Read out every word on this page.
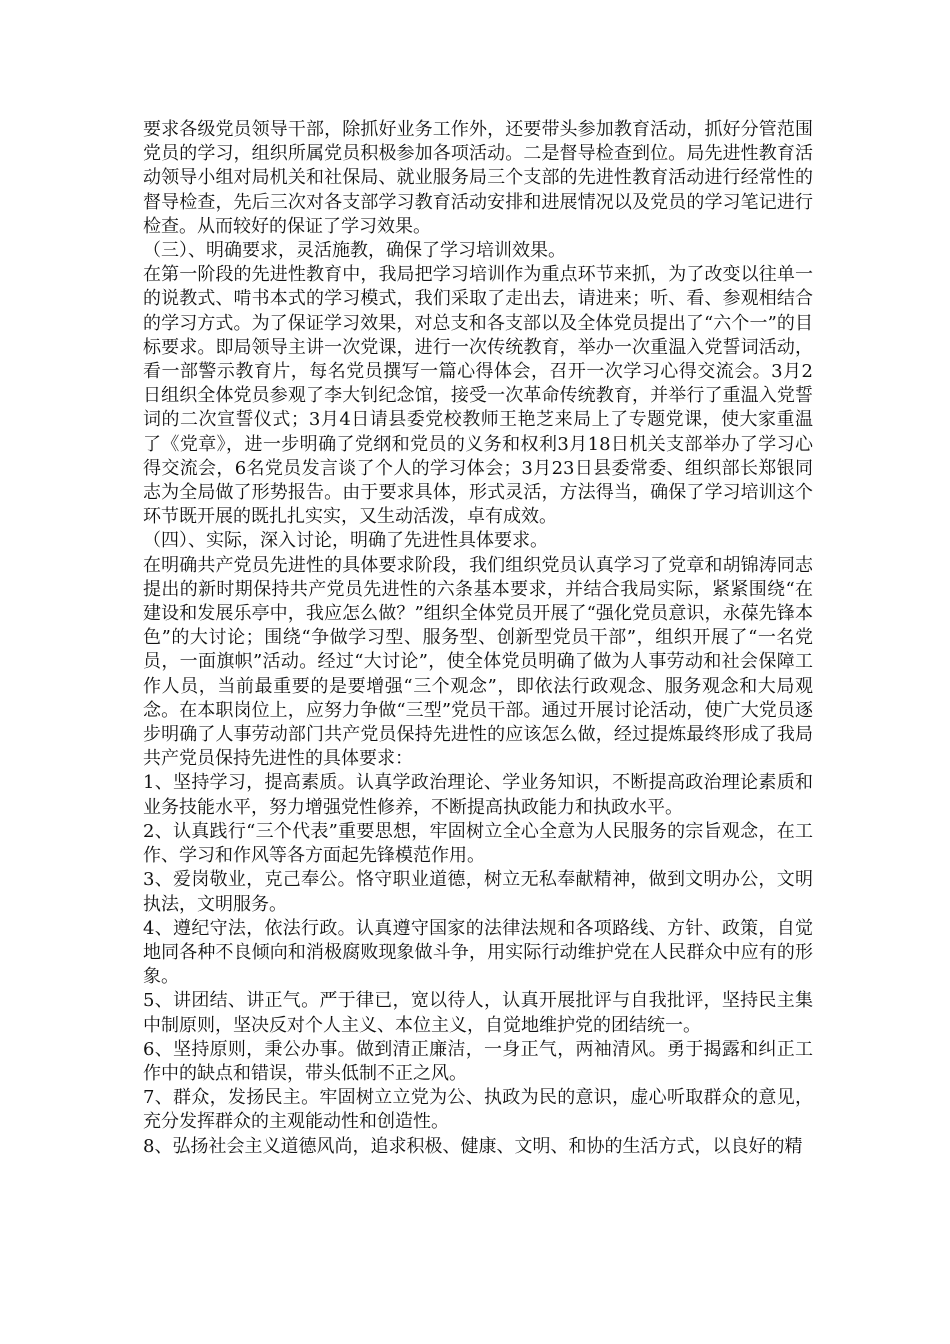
要求各级党员领导干部，除抓好业务工作外，还要带头参加教育活动，抓好分管范围党员的学习，组织所属党员积极参加各项活动。二是督导检查到位。局先进性教育活动领导小组对局机关和社保局、就业服务局三个支部的先进性教育活动进行经常性的督导检查，先后三次对各支部学习教育活动安排和进展情况以及党员的学习笔记进行检查。从而较好的保证了学习效果。

（三）、明确要求，灵活施教，确保了学习培训效果。

在第一阶段的先进性教育中，我局把学习培训作为重点环节来抓，为了改变以往单一的说教式、啃书本式的学习模式，我们采取了走出去，请进来；听、看、参观相结合的学习方式。为了保证学习效果，对总支和各支部以及全体党员提出了“六个一”的目标要求。即局领导主讲一次党课，进行一次传统教育，举办一次重温入党誓词活动，看一部警示教育片，每名党员撰写一篇心得体会，召开一次学习心得交流会。3月2日组织全体党员参观了李大钊纪念馆，接受一次革命传统教育，并举行了重温入党誓词的二次宣誓仪式；3月4日请县委党校教师王艳芝来局上了专题党课，使大家重温了《党章》，进一步明确了党纲和党员的义务和权利3月18日机关支部举办了学习心得交流会，6名党员发言谈了个人的学习体会；3月23日县委常委、组织部长郑银同志为全局做了形势报告。由于要求具体，形式灵活，方法得当，确保了学习培训这个环节既开展的既扎扎实实，又生动活泼，卓有成效。

（四）、实际，深入讨论，明确了先进性具体要求。

在明确共产党员先进性的具体要求阶段，我们组织党员认真学习了党章和胡锦涛同志提出的新时期保持共产党员先进性的六条基本要求，并结合我局实际，紧紧围绕“在建设和发展乐亭中，我应怎么做？”组织全体党员开展了“强化党员意识，永葆先锋本色”的大讨论；围绕“争做学习型、服务型、创新型党员干部”，组织开展了“一名党员，一面旗帜”活动。经过“大讨论”，使全体党员明确了做为人事劳动和社会保障工作人员，当前最重要的是要增强“三个观念”，即依法行政观念、服务观念和大局观念。在本职岗位上，应努力争做“三型”党员干部。通过开展讨论活动，使广大党员逐步明确了人事劳动部门共产党员保持先进性的应该怎么做，经过提炼最终形成了我局共产党员保持先进性的具体要求：

1、坚持学习，提高素质。认真学政治理论、学业务知识，不断提高政治理论素质和业务技能水平，努力增强党性修养，不断提高执政能力和执政水平。

2、认真践行“三个代表”重要思想，牢固树立全心全意为人民服务的宗旨观念，在工作、学习和作风等各方面起先锋模范作用。

3、爱岗敬业，克己奉公。恪守职业道德，树立无私奉献精神，做到文明办公，文明执法，文明服务。

4、遵纪守法，依法行政。认真遵守国家的法律法规和各项路线、方针、政策，自觉地同各种不良倾向和消极腐败现象做斗争，用实际行动维护党在人民群众中应有的形象。

5、讲团结、讲正气。严于律已，宽以待人，认真开展批评与自我批评，坚持民主集中制原则，坚决反对个人主义、本位主义，自觉地维护党的团结统一。

6、坚持原则，秉公办事。做到清正廉洁，一身正气，两袖清风。勇于揭露和纠正工作中的缺点和错误，带头低制不正之风。

7、群众，发扬民主。牢固树立立党为公、执政为民的意识，虚心听取群众的意见，充分发挥群众的主观能动性和创造性。

8、弘扬社会主义道德风尚，追求积极、健康、文明、和协的生活方式，以良好的精
